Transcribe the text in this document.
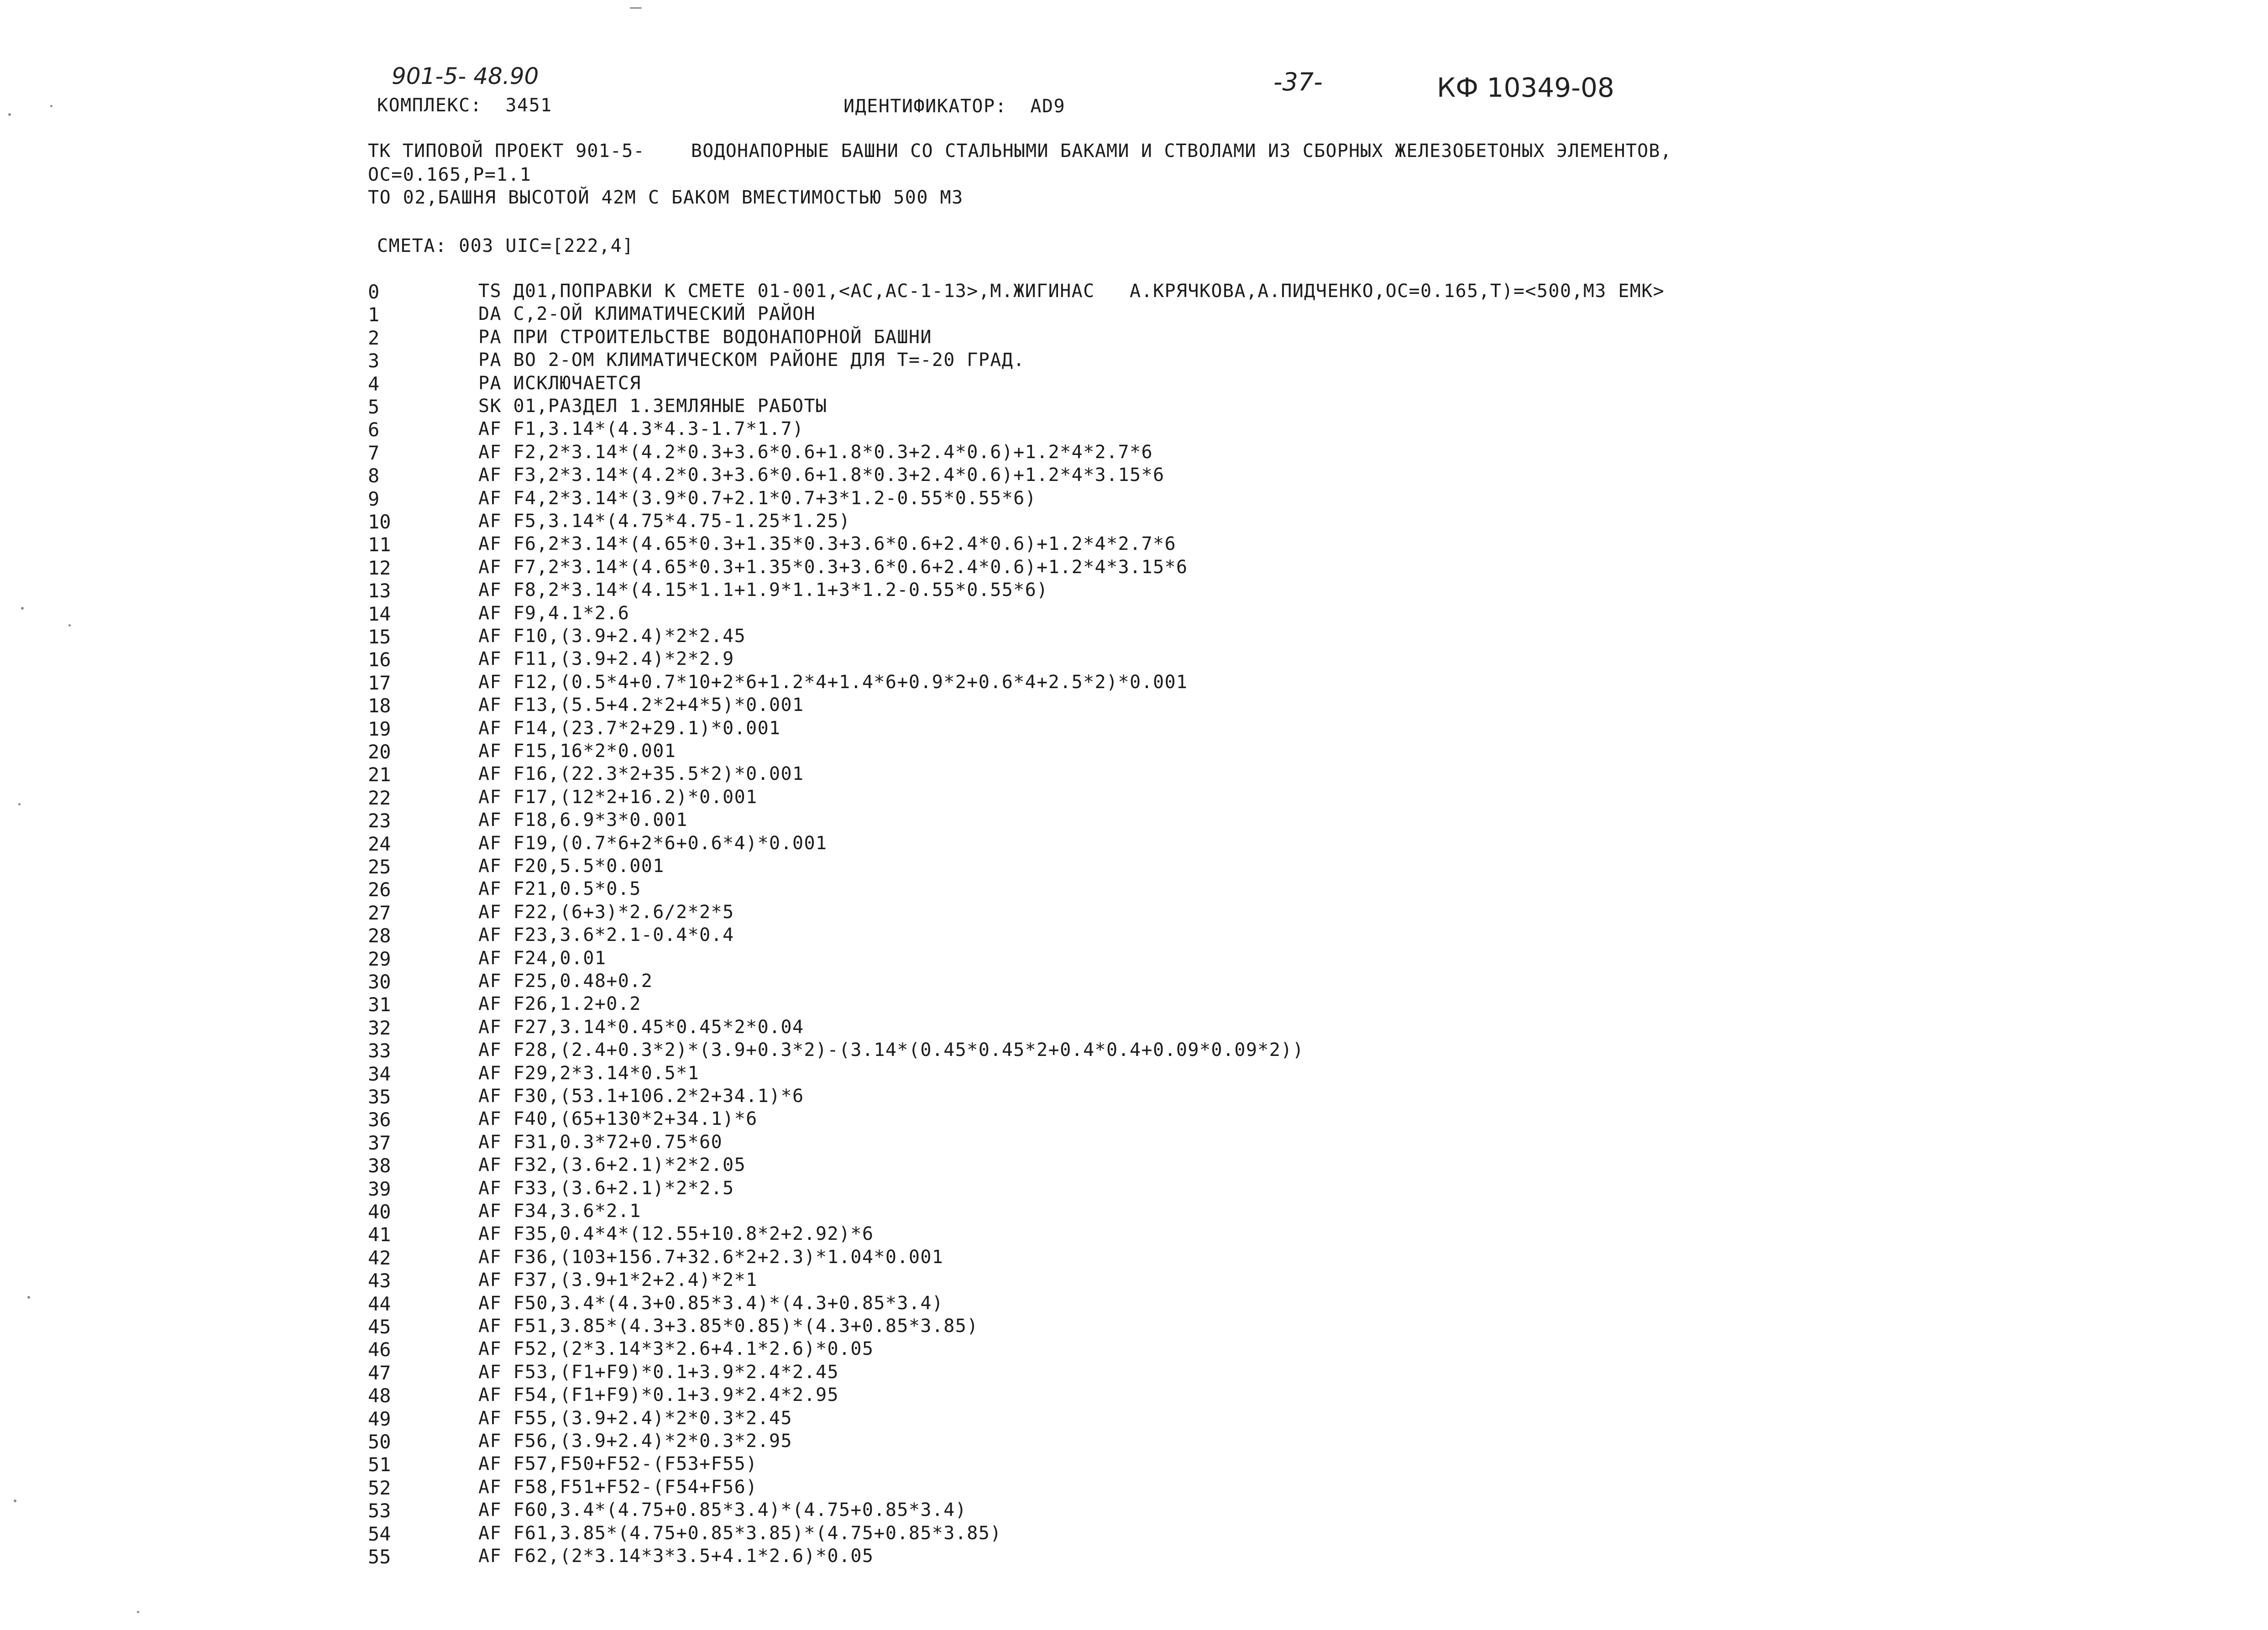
901-5- 48.90
КОМПЛЕКС:  3451	ИДЕНТИФИКАТОР:  AD9
-37-	КФ 10349-08
ТК ТИПОВОЙ ПРОЕКТ 901-5-    ВОДОНАПОРНЫЕ БАШНИ СО СТАЛЬНЫМИ БАКАМИ И СТВОЛАМИ ИЗ СБОРНЫХ ЖЕЛЕЗОБЕТОНЫХ ЭЛЕМЕНТОВ,
ОС=0.165,Р=1.1
ТО 02,БАШНЯ ВЫСОТОЙ 42М С БАКОМ ВМЕСТИМОСТЬЮ 500 М3
СМЕТА: 003 UIC=[222,4]
0	TS Д01,ПОПРАВКИ К СМЕТЕ 01-001,<АС,АС-1-13>,М.ЖИГИНАС   А.КРЯЧКОВА,А.ПИДЧЕНКО,ОС=0.165,Т)=<500,М3 ЕМК>
1	DA С,2-ОЙ КЛИМАТИЧЕСКИЙ РАЙОН
2	PA ПРИ СТРОИТЕЛЬСТВЕ ВОДОНАПОРНОЙ БАШНИ
3	PA ВО 2-ОМ КЛИМАТИЧЕСКОМ РАЙОНЕ ДЛЯ Т=-20 ГРАД.
4	PA ИСКЛЮЧАЕТСЯ
5	SK 01,РАЗДЕЛ 1.ЗЕМЛЯНЫЕ РАБОТЫ
6	AF F1,3.14*(4.3*4.3-1.7*1.7)
7	AF F2,2*3.14*(4.2*0.3+3.6*0.6+1.8*0.3+2.4*0.6)+1.2*4*2.7*6
8	AF F3,2*3.14*(4.2*0.3+3.6*0.6+1.8*0.3+2.4*0.6)+1.2*4*3.15*6
9	AF F4,2*3.14*(3.9*0.7+2.1*0.7+3*1.2-0.55*0.55*6)
10	AF F5,3.14*(4.75*4.75-1.25*1.25)
11	AF F6,2*3.14*(4.65*0.3+1.35*0.3+3.6*0.6+2.4*0.6)+1.2*4*2.7*6
12	AF F7,2*3.14*(4.65*0.3+1.35*0.3+3.6*0.6+2.4*0.6)+1.2*4*3.15*6
13	AF F8,2*3.14*(4.15*1.1+1.9*1.1+3*1.2-0.55*0.55*6)
14	AF F9,4.1*2.6
15	AF F10,(3.9+2.4)*2*2.45
16	AF F11,(3.9+2.4)*2*2.9
17	AF F12,(0.5*4+0.7*10+2*6+1.2*4+1.4*6+0.9*2+0.6*4+2.5*2)*0.001
18	AF F13,(5.5+4.2*2+4*5)*0.001
19	AF F14,(23.7*2+29.1)*0.001
20	AF F15,16*2*0.001
21	AF F16,(22.3*2+35.5*2)*0.001
22	AF F17,(12*2+16.2)*0.001
23	AF F18,6.9*3*0.001
24	AF F19,(0.7*6+2*6+0.6*4)*0.001
25	AF F20,5.5*0.001
26	AF F21,0.5*0.5
27	AF F22,(6+3)*2.6/2*2*5
28	AF F23,3.6*2.1-0.4*0.4
29	AF F24,0.01
30	AF F25,0.48+0.2
31	AF F26,1.2+0.2
32	AF F27,3.14*0.45*0.45*2*0.04
33	AF F28,(2.4+0.3*2)*(3.9+0.3*2)-(3.14*(0.45*0.45*2+0.4*0.4+0.09*0.09*2))
34	AF F29,2*3.14*0.5*1
35	AF F30,(53.1+106.2*2+34.1)*6
36	AF F40,(65+130*2+34.1)*6
37	AF F31,0.3*72+0.75*60
38	AF F32,(3.6+2.1)*2*2.05
39	AF F33,(3.6+2.1)*2*2.5
40	AF F34,3.6*2.1
41	AF F35,0.4*4*(12.55+10.8*2+2.92)*6
42	AF F36,(103+156.7+32.6*2+2.3)*1.04*0.001
43	AF F37,(3.9+1*2+2.4)*2*1
44	AF F50,3.4*(4.3+0.85*3.4)*(4.3+0.85*3.4)
45	AF F51,3.85*(4.3+3.85*0.85)*(4.3+0.85*3.85)
46	AF F52,(2*3.14*3*2.6+4.1*2.6)*0.05
47	AF F53,(F1+F9)*0.1+3.9*2.4*2.45
48	AF F54,(F1+F9)*0.1+3.9*2.4*2.95
49	AF F55,(3.9+2.4)*2*0.3*2.45
50	AF F56,(3.9+2.4)*2*0.3*2.95
51	AF F57,F50+F52-(F53+F55)
52	AF F58,F51+F52-(F54+F56)
53	AF F60,3.4*(4.75+0.85*3.4)*(4.75+0.85*3.4)
54	AF F61,3.85*(4.75+0.85*3.85)*(4.75+0.85*3.85)
55	AF F62,(2*3.14*3*3.5+4.1*2.6)*0.05
